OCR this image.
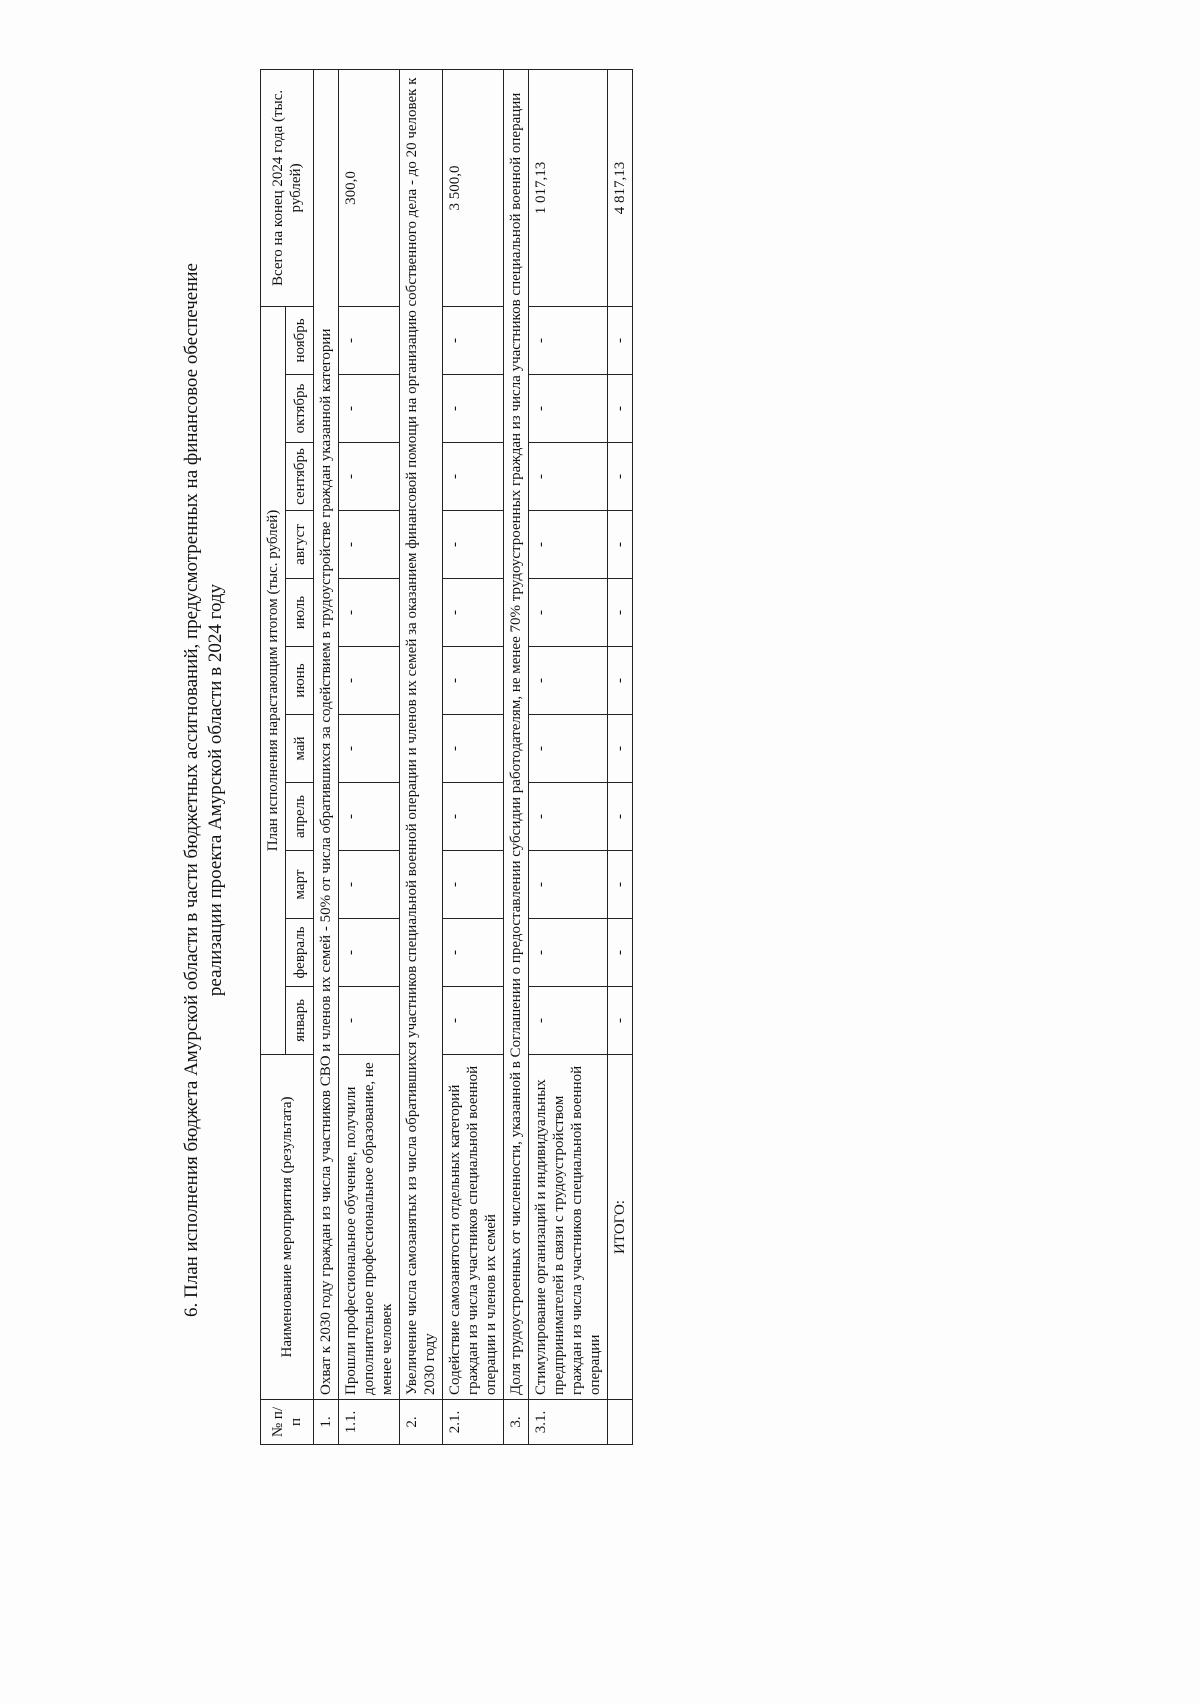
6. План исполнения бюджета Амурской области в части бюджетных ассигнований, предусмотренных на финансовое обеспечение реализации проекта Амурской области в 2024 году

№ п/п	Наименование мероприятия (результата)	План исполнения нарастающим итогом (тыс. рублей)											Всего на конец 2024 года (тыс. рублей)
		январь	февраль	март	апрель	май	июнь	июль	август	сентябрь	октябрь	ноябрь	
1.	Охват к 2030 году граждан из числа участников СВО и членов их семей - 50% от числа обратившихся за содействием в трудоустройстве граждан указанной категории												
1.1.	Прошли профессиональное обучение, получили дополнительное профессиональное образование, не менее человек	-	-	-	-	-	-	-	-	-	-	-	300,0
2.	Увеличение числа самозанятых из числа обратившихся участников специальной военной операции и членов их семей за оказанием финансовой помощи на организацию собственного дела - до 20 человек к 2030 году												
2.1.	Содействие самозанятости отдельных категорий граждан из числа участников специальной военной операции и членов их семей	-	-	-	-	-	-	-	-	-	-	-	3 500,0
3.	Доля трудоустроенных от численности, указанной в Соглашении о предоставлении субсидии работодателям, не менее 70% трудоустроенных граждан из числа участников специальной военной операции												
3.1.	Стимулирование организаций и индивидуальных предпринимателей в связи с трудоустройством граждан из числа участников специальной военной операции	-	-	-	-	-	-	-	-	-	-	-	1 017,13
	ИТОГО:	-	-	-	-	-	-	-	-	-	-	-	4 817,13
